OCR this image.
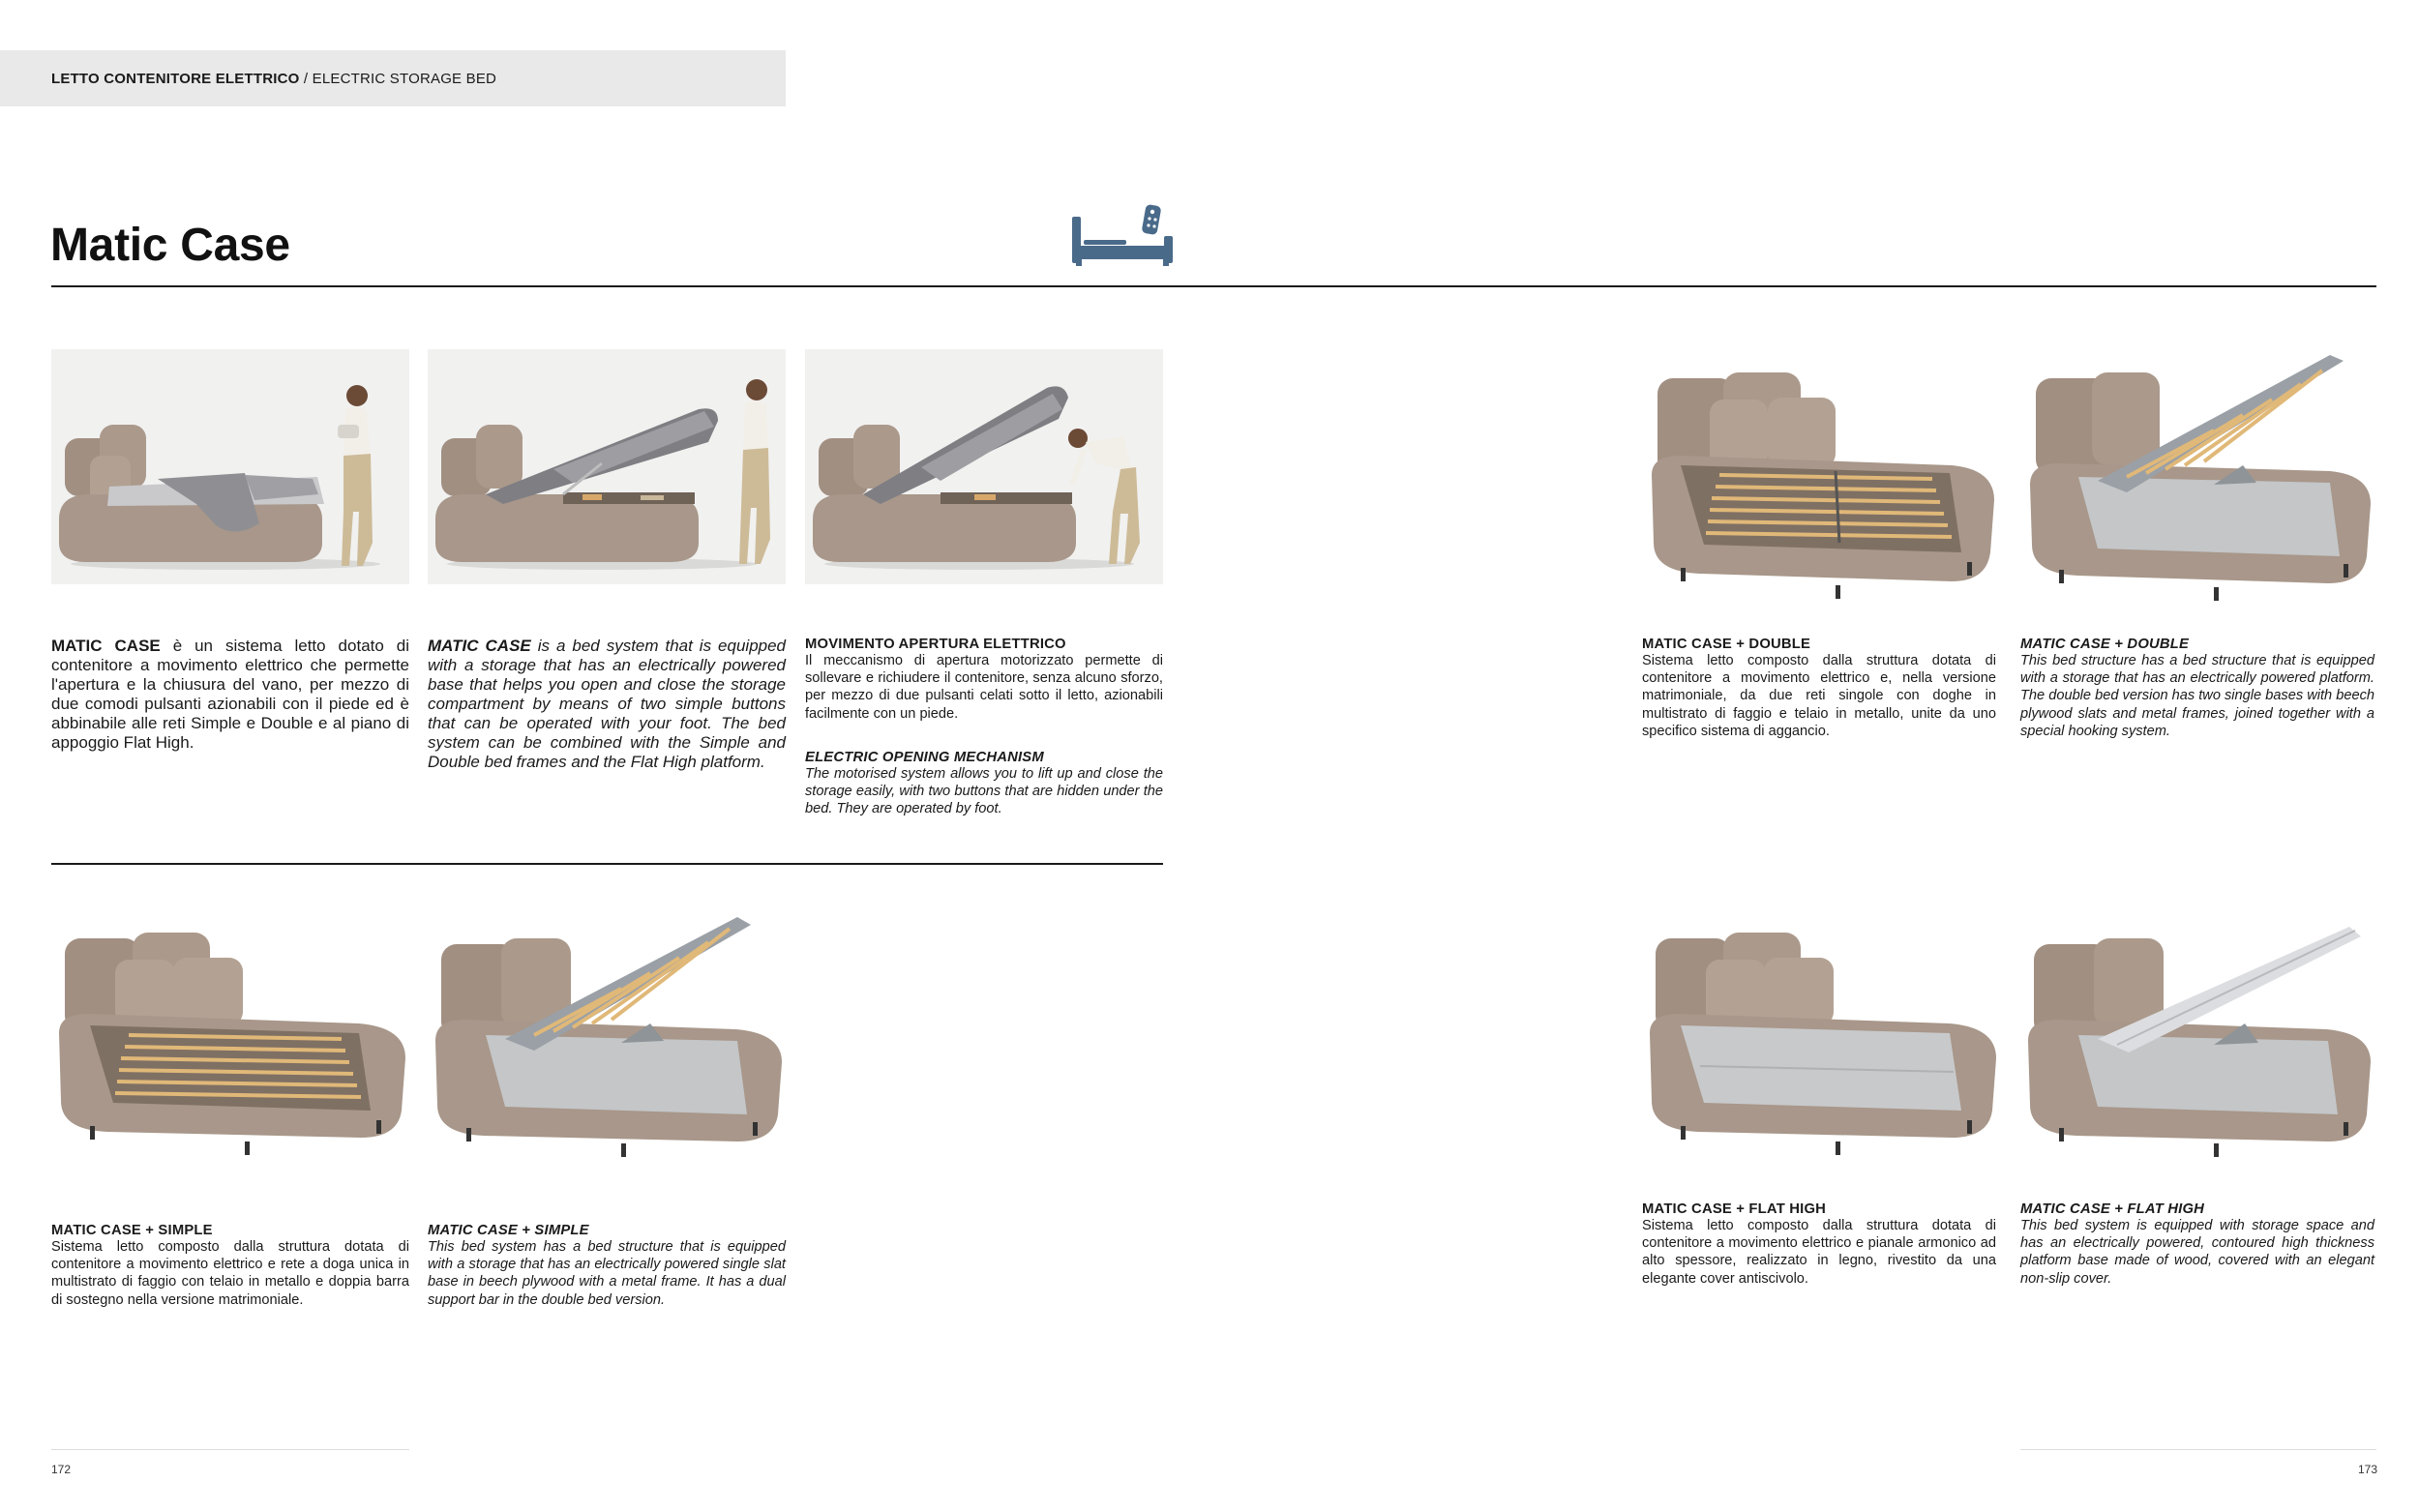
LETTO CONTENITORE ELETTRICO / ELECTRIC STORAGE BED
Matic Case
MATIC CASE è un sistema letto dotato di contenitore a movimento elettrico che permette l'apertura e la chiusura del vano, per mezzo di due comodi pulsanti azionabili con il piede ed è abbinabile alle reti Simple e Double e al piano di appoggio Flat High.
MATIC CASE is a bed system that is equipped with a storage that has an electrically powered base that helps you open and close the storage compartment by means of two simple buttons that can be operated with your foot. The bed system can be combined with the Simple and Double bed frames and the Flat High platform.
MOVIMENTO APERTURA ELETTRICO
Il meccanismo di apertura motorizzato permette di sollevare e richiudere il contenitore, senza alcuno sforzo, per mezzo di due pulsanti celati sotto il letto, azionabili facilmente con un piede.
ELECTRIC OPENING MECHANISM
The motorised system allows you to lift up and close the storage easily, with two buttons that are hidden under the bed. They are operated by foot.
MATIC CASE + DOUBLE
Sistema letto composto dalla struttura dotata di contenitore a movimento elettrico e, nella versione matrimoniale, da due reti singole con doghe in multistrato di faggio e telaio in metallo, unite da uno specifico sistema di aggancio.
MATIC CASE + DOUBLE
This bed structure has a bed structure that is equipped with a storage that has an electrically powered platform. The double bed version has two single bases with beech plywood slats and metal frames, joined together with a special hooking system.
MATIC CASE + SIMPLE
Sistema letto composto dalla struttura dotata di contenitore a movimento elettrico e rete a doga unica in multistrato di faggio con telaio in metallo e doppia barra di sostegno nella versione matrimoniale.
MATIC CASE + SIMPLE
This bed system has a bed structure that is equipped with a storage that has an electrically powered single slat base in beech plywood with a metal frame. It has a dual support bar in the double bed version.
MATIC CASE + FLAT HIGH
Sistema letto composto dalla struttura dotata di contenitore a movimento elettrico e pianale armonico ad alto spessore, realizzato in legno, rivestito da una elegante cover antiscivolo.
MATIC CASE + FLAT HIGH
This bed system is equipped with storage space and has an electrically powered, contoured high thickness platform base made of wood, covered with an elegant non-slip cover.
172	173
